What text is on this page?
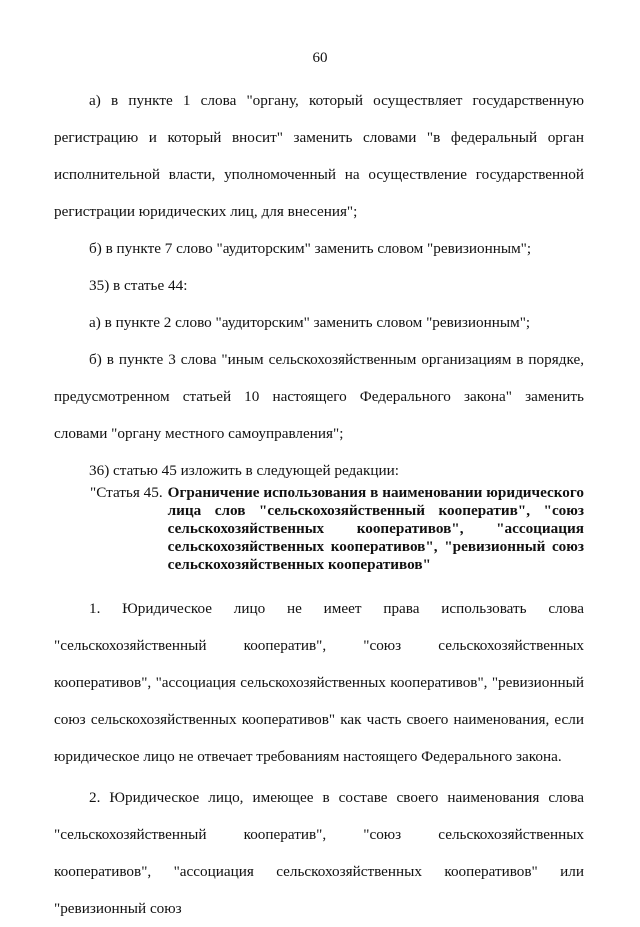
60

а) в пункте 1 слова "органу, который осуществляет государственную регистрацию и который вносит" заменить словами "в федеральный орган исполнительной власти, уполномоченный на осуществление государственной регистрации юридических лиц, для внесения";

б) в пункте 7 слово "аудиторским" заменить словом "ревизионным";

35) в статье 44:

а) в пункте 2 слово "аудиторским" заменить словом "ревизионным";

б) в пункте 3 слова "иным сельскохозяйственным организациям в порядке, предусмотренном статьей 10 настоящего Федерального закона" заменить словами "органу местного самоуправления";

36) статью 45 изложить в следующей редакции:

"Статья 45. Ограничение использования в наименовании юридического лица слов "сельскохозяйственный кооператив", "союз сельскохозяйственных кооперативов", "ассоциация сельскохозяйственных кооперативов", "ревизионный союз сельскохозяйственных кооперативов"

1. Юридическое лицо не имеет права использовать слова "сельскохозяйственный кооператив", "союз сельскохозяйственных кооперативов", "ассоциация сельскохозяйственных кооперативов", "ревизионный союз сельскохозяйственных кооперативов" как часть своего наименования, если юридическое лицо не отвечает требованиям настоящего Федерального закона.

2. Юридическое лицо, имеющее в составе своего наименования слова "сельскохозяйственный кооператив", "союз сельскохозяйственных кооперативов", "ассоциация сельскохозяйственных кооперативов" или "ревизионный союз
